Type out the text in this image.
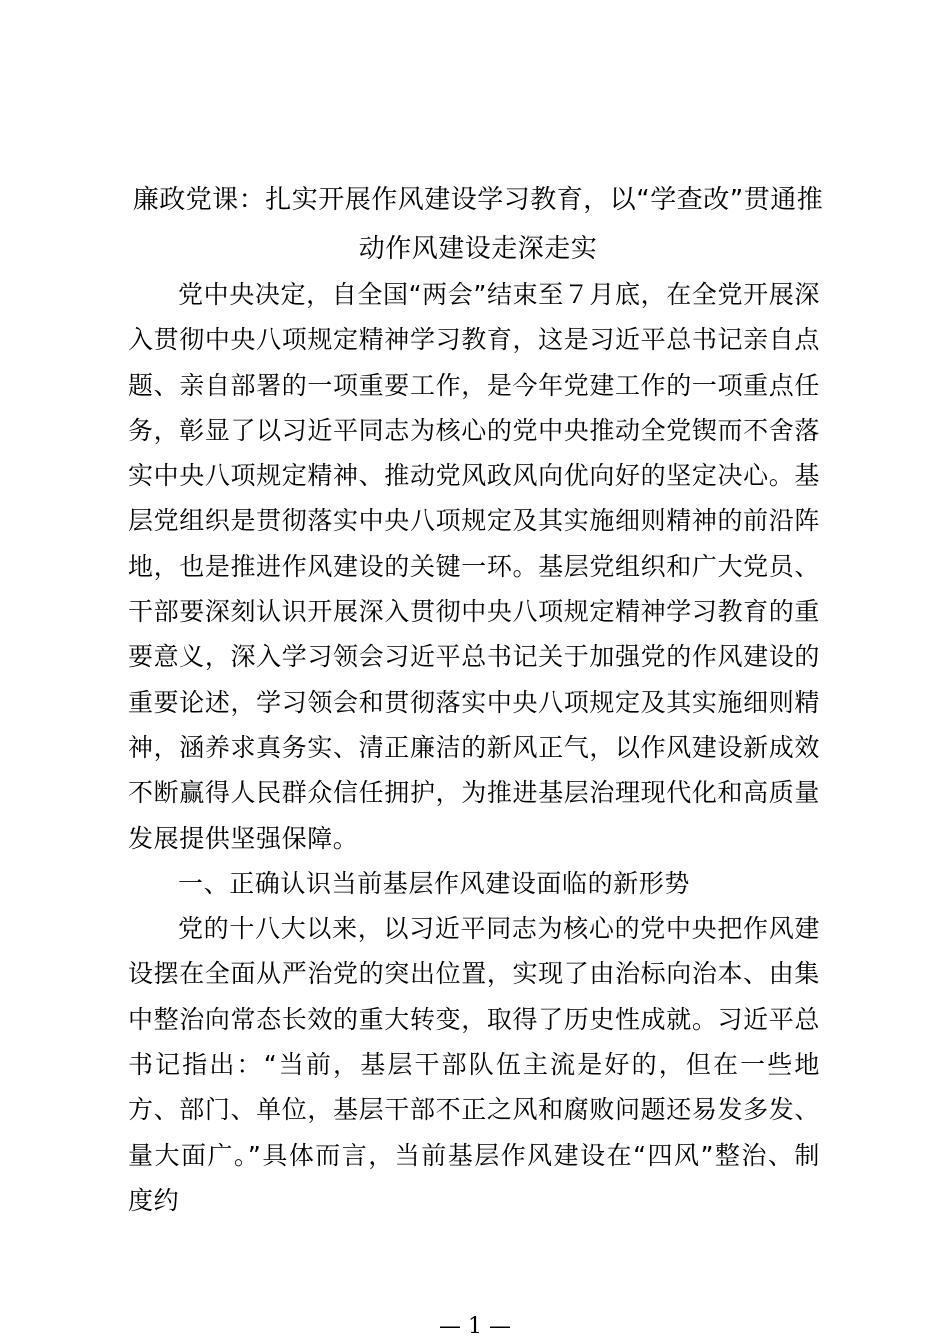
廉政党课：扎实开展作风建设学习教育，以“学查改”贯通推动作风建设走深走实

党中央决定，自全国“两会”结束至７月底，在全党开展深入贯彻中央八项规定精神学习教育，这是习近平总书记亲自点题、亲自部署的一项重要工作，是今年党建工作的一项重点任务，彰显了以习近平同志为核心的党中央推动全党锲而不舍落实中央八项规定精神、推动党风政风向优向好的坚定决心。基层党组织是贯彻落实中央八项规定及其实施细则精神的前沿阵地，也是推进作风建设的关键一环。基层党组织和广大党员、干部要深刻认识开展深入贯彻中央八项规定精神学习教育的重要意义，深入学习领会习近平总书记关于加强党的作风建设的重要论述，学习领会和贯彻落实中央八项规定及其实施细则精神，涵养求真务实、清正廉洁的新风正气，以作风建设新成效不断赢得人民群众信任拥护，为推进基层治理现代化和高质量发展提供坚强保障。

一、正确认识当前基层作风建设面临的新形势

党的十八大以来，以习近平同志为核心的党中央把作风建设摆在全面从严治党的突出位置，实现了由治标向治本、由集中整治向常态长效的重大转变，取得了历史性成就。习近平总书记指出：“当前，基层干部队伍主流是好的，但在一些地方、部门、单位，基层干部不正之风和腐败问题还易发多发、量大面广。”具体而言，当前基层作风建设在“四风”整治、制度约

— 1 —
